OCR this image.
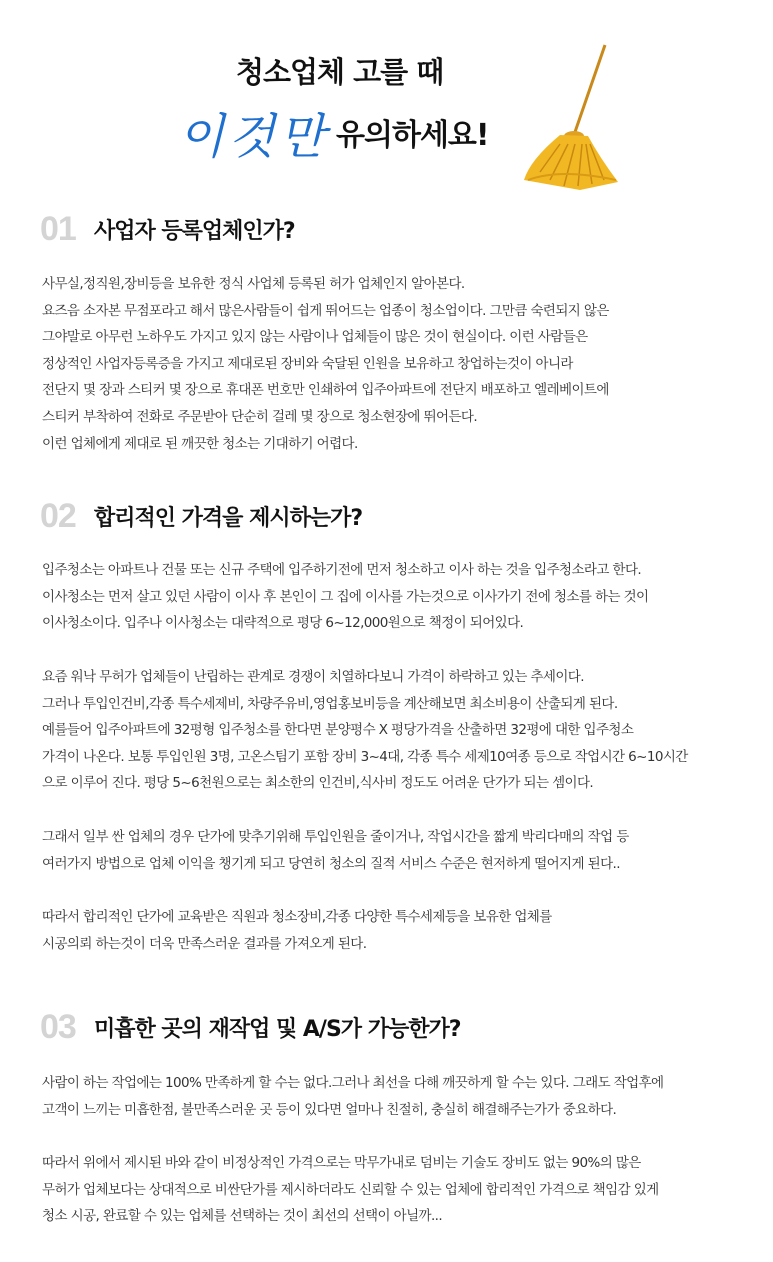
청소업체 고를 때
이것만 유의하세요!
01 사업자 등록업체인가?
사무실,정직원,장비등을 보유한 정식 사업체 등록된 허가 업체인지 알아본다.
요즈음 소자본 무점포라고 해서 많은사람들이 쉽게 뛰어드는 업종이 청소업이다. 그만큼 숙련되지 않은
그야말로 아무런 노하우도 가지고 있지 않는 사람이나 업체들이 많은 것이 현실이다. 이런 사람들은
정상적인 사업자등록증을 가지고 제대로된 장비와 숙달된 인원을 보유하고 창업하는것이 아니라
전단지 몇 장과 스티커 몇 장으로 휴대폰 번호만 인쇄하여 입주아파트에 전단지 배포하고 엘레베이트에
스티커 부착하여 전화로 주문받아 단순히 걸레 몇 장으로 청소현장에 뛰어든다.
이런 업체에게 제대로 된 깨끗한 청소는 기대하기 어렵다.
02 합리적인 가격을 제시하는가?
입주청소는 아파트나 건물 또는 신규 주택에 입주하기전에 먼저 청소하고 이사 하는 것을 입주청소라고 한다.
이사청소는 먼저 살고 있던 사람이 이사 후 본인이 그 집에 이사를 가는것으로 이사가기 전에 청소를 하는 것이
이사청소이다. 입주나 이사청소는 대략적으로 평당 6~12,000원으로 책정이 되어있다.
요즘 워낙 무허가 업체들이 난립하는 관계로 경쟁이 치열하다보니 가격이 하락하고 있는 추세이다.
그러나 투입인건비,각종 특수세제비, 차량주유비,영업홍보비등을 계산해보면 최소비용이 산출되게 된다.
예를들어 입주아파트에 32평형 입주청소를 한다면 분양평수 X 평당가격을 산출하면 32평에 대한 입주청소
가격이 나온다. 보통 투입인원 3명, 고온스팀기 포함 장비 3~4대, 각종 특수 세제10여종 등으로 작업시간 6~10시간
으로 이루어 진다. 평당 5~6천원으로는 최소한의 인건비,식사비 정도도 어려운 단가가 되는 셈이다.
그래서 일부 싼 업체의 경우 단가에 맞추기위해 투입인원을 줄이거나, 작업시간을 짧게 박리다매의 작업 등
여러가지 방법으로 업체 이익을 챙기게 되고 당연히 청소의 질적 서비스 수준은 현저하게 떨어지게 된다..
따라서 합리적인 단가에 교육받은 직원과 청소장비,각종 다양한 특수세제등을 보유한 업체를
시공의뢰 하는것이 더욱 만족스러운 결과를 가져오게 된다.
03 미흡한 곳의 재작업 및 A/S가 가능한가?
사람이 하는 작업에는 100% 만족하게 할 수는 없다.그러나 최선을 다해 깨끗하게 할 수는 있다. 그래도 작업후에
고객이 느끼는 미흡한점, 불만족스러운 곳 등이 있다면 얼마나 친절히, 충실히 해결해주는가가 중요하다.
따라서 위에서 제시된 바와 같이 비정상적인 가격으로는 막무가내로 덤비는 기술도 장비도 없는 90%의 많은
무허가 업체보다는 상대적으로 비싼단가를 제시하더라도 신뢰할 수 있는 업체에 합리적인 가격으로 책임감 있게
청소 시공, 완료할 수 있는 업체를 선택하는 것이 최선의 선택이 아닐까...
